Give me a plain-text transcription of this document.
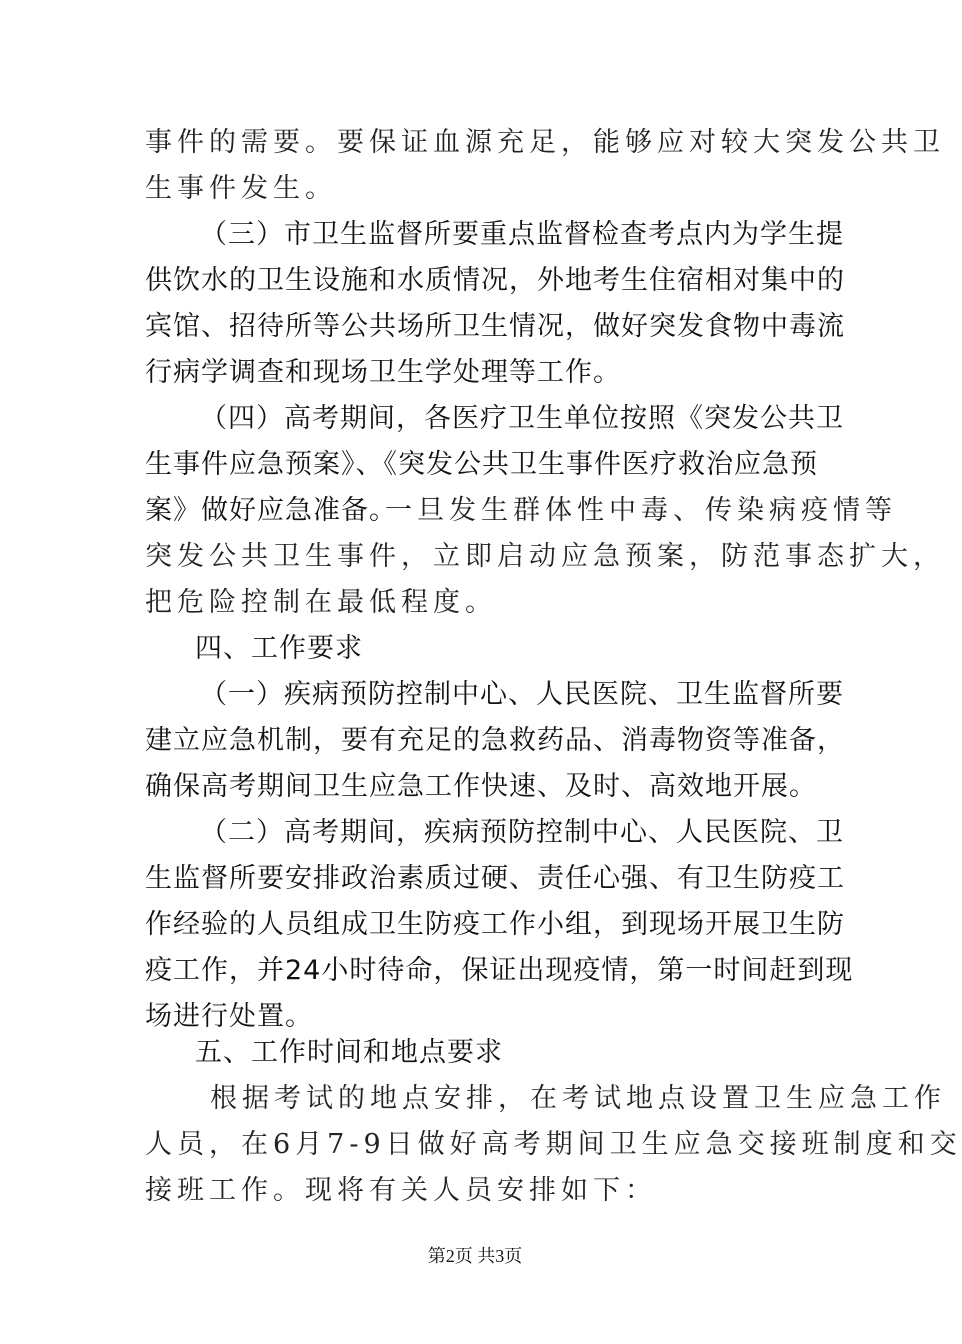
事件的需要。要保证血源充足，能够应对较大突发公共卫
生事件发生。
（三）市卫生监督所要重点监督检查考点内为学生提
供饮水的卫生设施和水质情况，外地考生住宿相对集中的
宾馆、招待所等公共场所卫生情况，做好突发食物中毒流
行病学调查和现场卫生学处理等工作。
（四）高考期间，各医疗卫生单位按照《突发公共卫
生事件应急预案》、《突发公共卫生事件医疗救治应急预
案》做好应急准备。
一旦发生群体性中毒、传染病疫情等
突发公共卫生事件，立即启动应急预案，防范事态扩大，
把危险控制在最低程度。
四、工作要求
（一）疾病预防控制中心、人民医院、卫生监督所要
建立应急机制，要有充足的急救药品、消毒物资等准备，
确保高考期间卫生应急工作快速、及时、高效地开展。
（二）高考期间，疾病预防控制中心、人民医院、卫
生监督所要安排政治素质过硬、责任心强、有卫生防疫工
作经验的人员组成卫生防疫工作小组，到现场开展卫生防
疫工作，并24小时待命，保证出现疫情，第一时间赶到现
场进行处置。
五、工作时间和地点要求
根据考试的地点安排，在考试地点设置卫生应急工作
人员，在6月7-9日做好高考期间卫生应急交接班制度和交
接班工作。现将有关人员安排如下：
第2页 共3页
